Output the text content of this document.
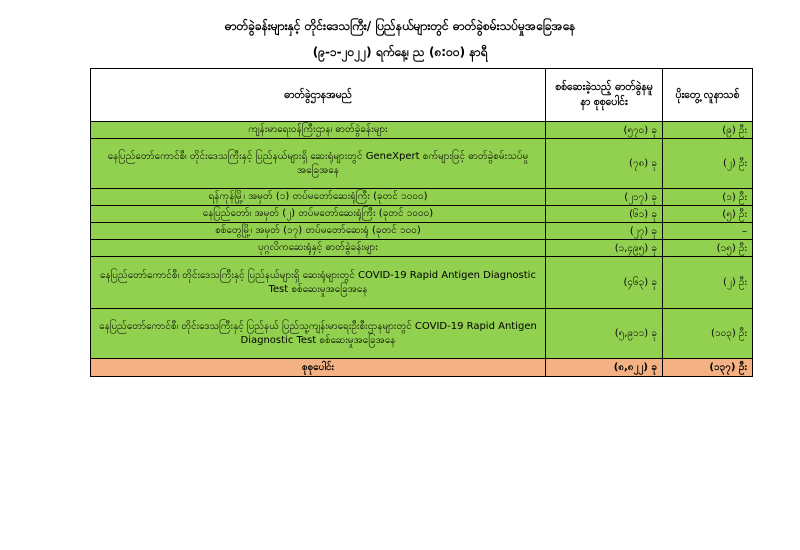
ဓာတ်ခွဲခန်းများနှင့် တိုင်းဒေသကြီး/ ပြည်နယ်များတွင် ဓာတ်ခွဲစမ်းသပ်မှုအခြေအနေ
(၉-၁-၂၀၂၂) ရက်နေ့၊ ည (၈:၀၀) နာရီ
ဓာတ်ခွဲဌာနအမည်	စစ်ဆေးခဲ့သည့် ဓာတ်ခွဲနမူနာ စုစုပေါင်း	ပိုးတွေ့ လူနာသစ်
ကျန်းမာရေးဝန်ကြီးဌာန၊ ဓာတ်ခွဲခန်းများ	(၅၇၀) ခု	(၉) ဦး
နေပြည်တော်ကောင်စီ၊ တိုင်းဒေသကြီးနှင့် ပြည်နယ်များရှိ ဆေးရုံများတွင် GeneXpert စက်များဖြင့် ဓာတ်ခွဲစမ်းသပ်မှုအခြေအနေ	(၇၈) ခု	(၂) ဦး
ရန်ကုန်မြို့၊ အမှတ် (၁) တပ်မတော်ဆေးရုံကြီး (ခုတင် ၁၀၀၀)	(၂၁၇) ခု	(၁) ဦး
နေပြည်တော်၊ အမှတ် (၂) တပ်မတော်ဆေးရုံကြီး (ခုတင် ၁၀၀၀)	(၆၁) ခု	(၅) ဦး
စစ်တွေမြို့၊ အမှတ် (၁၇) တပ်မတော်ဆေးရုံ (ခုတင် ၁၀၀)	(၂၇) ခု	–
ပုဂ္ဂလိကဆေးရုံနှင့် ဓာတ်ခွဲခန်းများ	(၁,၄၉၅) ခု	(၁၅) ဦး
နေပြည်တော်ကောင်စီ၊ တိုင်းဒေသကြီးနှင့် ပြည်နယ်များရှိ ဆေးရုံများတွင် COVID-19 Rapid Antigen Diagnostic Test စစ်ဆေးမှုအခြေအနေ	(၄၆၃) ခု	(၂) ဦး
နေပြည်တော်ကောင်စီ၊ တိုင်းဒေသကြီးနှင့် ပြည်နယ် ပြည်သူ့ကျန်းမာရေးဦးစီးဌာနများတွင် COVID-19 Rapid Antigen Diagnostic Test စစ်ဆေးမှုအခြေအနေ	(၅,၉၁၁) ခု	(၁၀၃) ဦး
စုစုပေါင်း	(၈,၈၂၂) ခု	(၁၃၇) ဦး
